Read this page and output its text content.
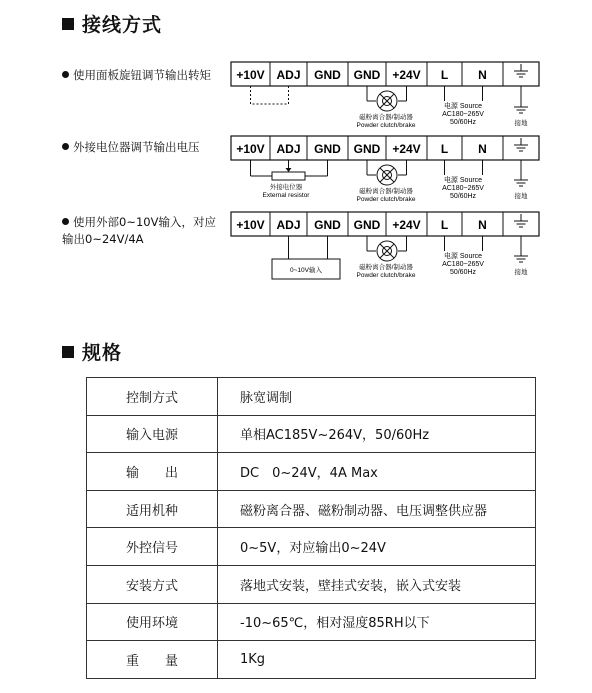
接线方式
使用面板旋钮调节输出转矩
外接电位器调节输出电压
使用外部0~10V输入，对应
输出0~24V/4A
+10V ADJ GND GND +24V L N
磁粉离合器/制动器
Powder clutch/brake
电源 Source
AC180~265V
50/60Hz	接地
+10V ADJ GND GND +24V L N
外接电位器
External resistor
磁粉离合器/制动器
Powder clutch/brake
电源 Source
AC180~265V
50/60Hz	接地
+10V ADJ GND GND +24V L N
0~10V输入	磁粉离合器/制动器
Powder clutch/brake
电源 Source
AC180~265V
50/60Hz	接地
规格
控制方式	脉宽调制
输入电源	单相AC185V~264V，50/60Hz
输　　出	DC　0~24V，4A Max
适用机种	磁粉离合器、磁粉制动器、电压调整供应器
外控信号	0~5V，对应输出0~24V
安装方式	落地式安装，壁挂式安装，嵌入式安装
使用环境	-10~65℃，相对湿度85RH以下
重　　量	1Kg
